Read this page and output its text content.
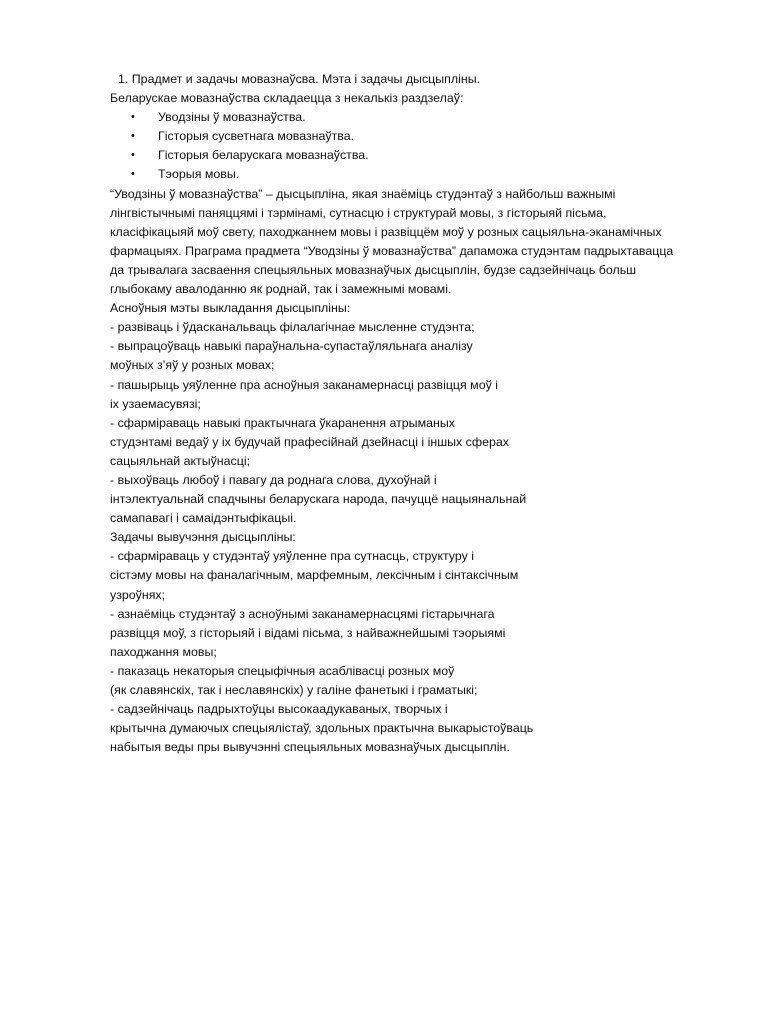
1. Прадмет и задачы мовазнаўсва. Мэта і задачы дысцыпліны.
Беларускае мовазнаўства складаецца з некалькіз раздзелаў:
• Уводзіны ў мовазнаўства.
• Гісторыя сусветнага мовазнаўтва.
• Гісторыя беларускага мовазнаўства.
• Тэорыя мовы.
“Уводзіны ў мовазнаўства” – дысцыпліна, якая знаёміць студэнтаў з найбольш важнымі
лінгвістычнымі паняццямі і тэрмінамі, сутнасцю і структурай мовы, з гісторыяй пісьма,
класіфікацыяй моў свету, паходжаннем мовы і развіццём моў у розных сацыяльна-эканамічных
фармацыях. Праграма прадмета “Уводзіны ў мовазнаўства” дапаможа студэнтам падрыхтавацца
да трывалага засваення спецыяльных мовазнаўчых дысцыплін, будзе садзейнічаць больш
глыбокаму авалоданню як роднай, так і замежнымі мовамі.
Асноўныя мэты выкладання дысцыпліны:
- развіваць і ўдасканальваць філалагічнае мысленне студэнта;
- выпрацоўваць навыкі параўнальна-супастаўляльнага аналізу
моўных з’яў у розных мовах;
- пашырыць уяўленне пра асноўныя заканамернасці развіцця моў і
іх узаемасувязі;
- сфарміраваць навыкі практычнага ўкаранення атрыманых
студэнтамі ведаў у іх будучай прафесійнай дзейнасці і іншых сферах
сацыяльнай актыўнасці;
- выхоўваць любоў і павагу да роднага слова, духоўнай і
інтэлектуальнай спадчыны беларускага народа, пачуццё нацыянальнай
самапавагі і самаідэнтыфікацыі.
Задачы вывучэння дысцыпліны:
- сфарміраваць у студэнтаў уяўленне пра сутнасць, структуру і
сістэму мовы на фаналагічным, марфемным, лексічным і сінтаксічным
узроўнях;
- азнаёміць студэнтаў з асноўнымі заканамернасцямі гістарычнага
развіцця моў, з гісторыяй і відамі пісьма, з найважнейшымі тэорыямі
паходжання мовы;
- паказаць некаторыя спецыфічныя асаблівасці розных моў
(як славянскіх, так і неславянскіх) у галіне фанетыкі і граматыкі;
- садзейнічаць падрыхтоўцы высокаадукаваных, творчых і
крытычна думаючых спецыялістаў, здольных практычна выкарыстоўваць
набытыя веды пры вывучэнні спецыяльных мовазнаўчых дысцыплін.
